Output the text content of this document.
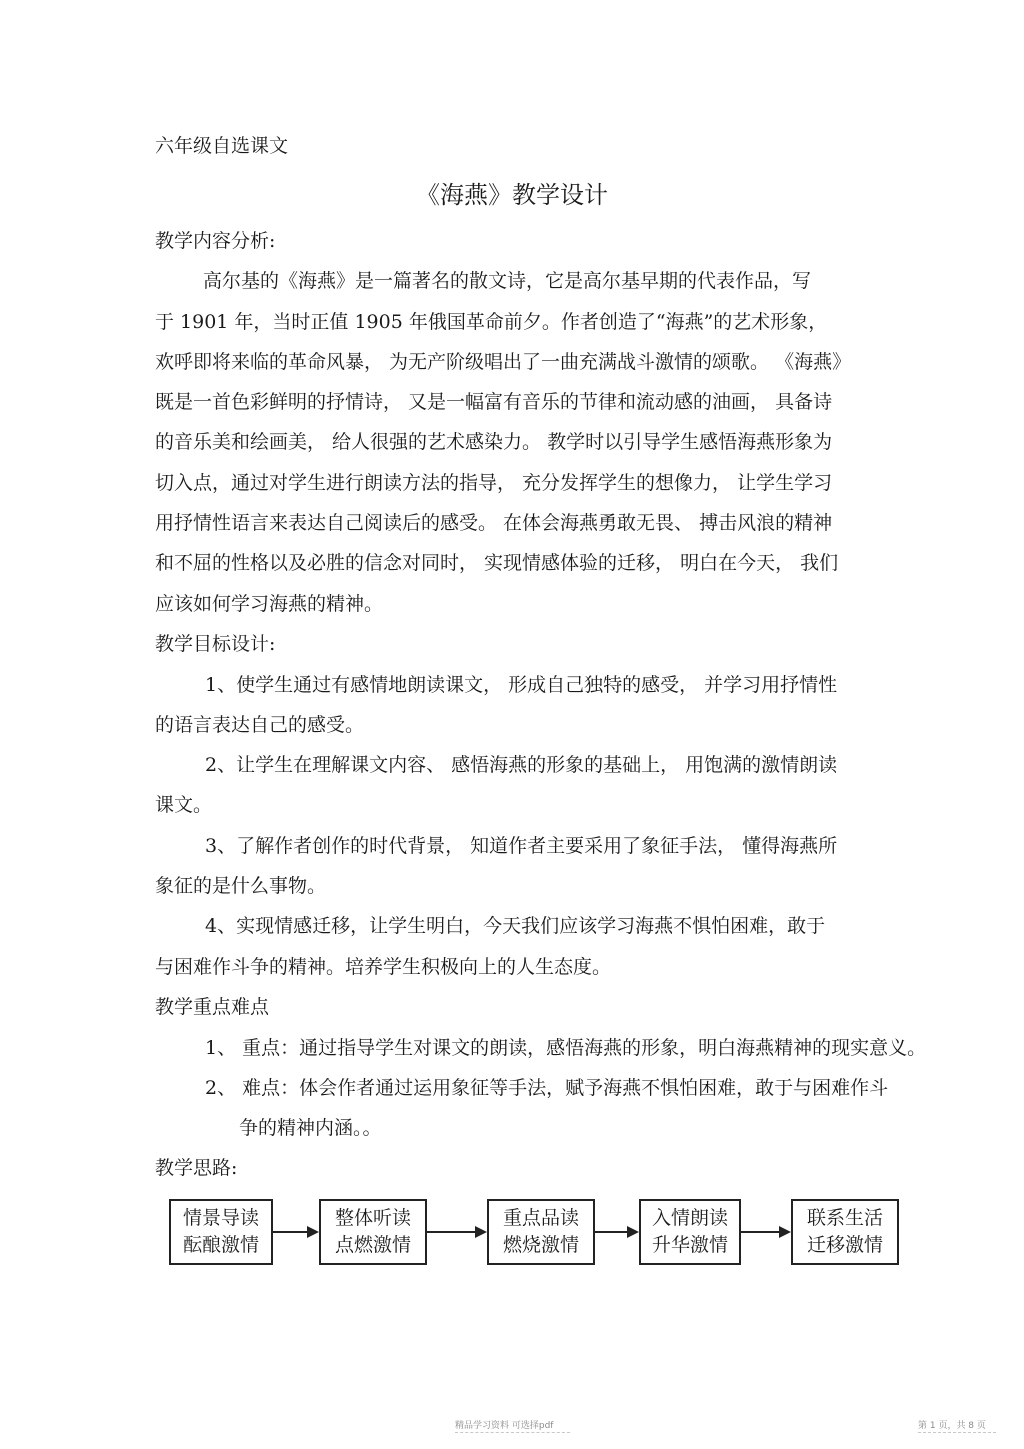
六年级自选课文
《海燕》教学设计
教学内容分析:
高尔基的《海燕》是一篇著名的散文诗，它是高尔基早期的代表作品，写
于 1901 年，当时正值 1905 年俄国革命前夕。作者创造了“海燕”的艺术形象，
欢呼即将来临的革命风暴， 为无产阶级唱出了一曲充满战斗激情的颂歌。 《海燕》
既是一首色彩鲜明的抒情诗， 又是一幅富有音乐的节律和流动感的油画， 具备诗
的音乐美和绘画美， 给人很强的艺术感染力。 教学时以引导学生感悟海燕形象为
切入点，通过对学生进行朗读方法的指导， 充分发挥学生的想像力， 让学生学习
用抒情性语言来表达自己阅读后的感受。 在体会海燕勇敢无畏、 搏击风浪的精神
和不屈的性格以及必胜的信念对同时， 实现情感体验的迁移， 明白在今天， 我们
应该如何学习海燕的精神。
教学目标设计:
1、使学生通过有感情地朗读课文， 形成自己独特的感受， 并学习用抒情性
的语言表达自己的感受。
2、让学生在理解课文内容、 感悟海燕的形象的基础上， 用饱满的激情朗读
课文。
3、了解作者创作的时代背景， 知道作者主要采用了象征手法， 懂得海燕所
象征的是什么事物。
4、实现情感迁移，让学生明白，今天我们应该学习海燕不惧怕困难，敢于
与困难作斗争的精神。培养学生积极向上的人生态度。
教学重点难点
1、 重点：通过指导学生对课文的朗读，感悟海燕的形象，明白海燕精神的现实意义。
2、 难点：体会作者通过运用象征等手法，赋予海燕不惧怕困难，敢于与困难作斗
争的精神内涵。。
教学思路:
情景导读
酝酿激情
整体听读
点燃激情
重点品读
燃烧激情
入情朗读
升华激情
联系生活
迁移激情
精品学习资料 可选择pdf	第 1 页，共 8 页
